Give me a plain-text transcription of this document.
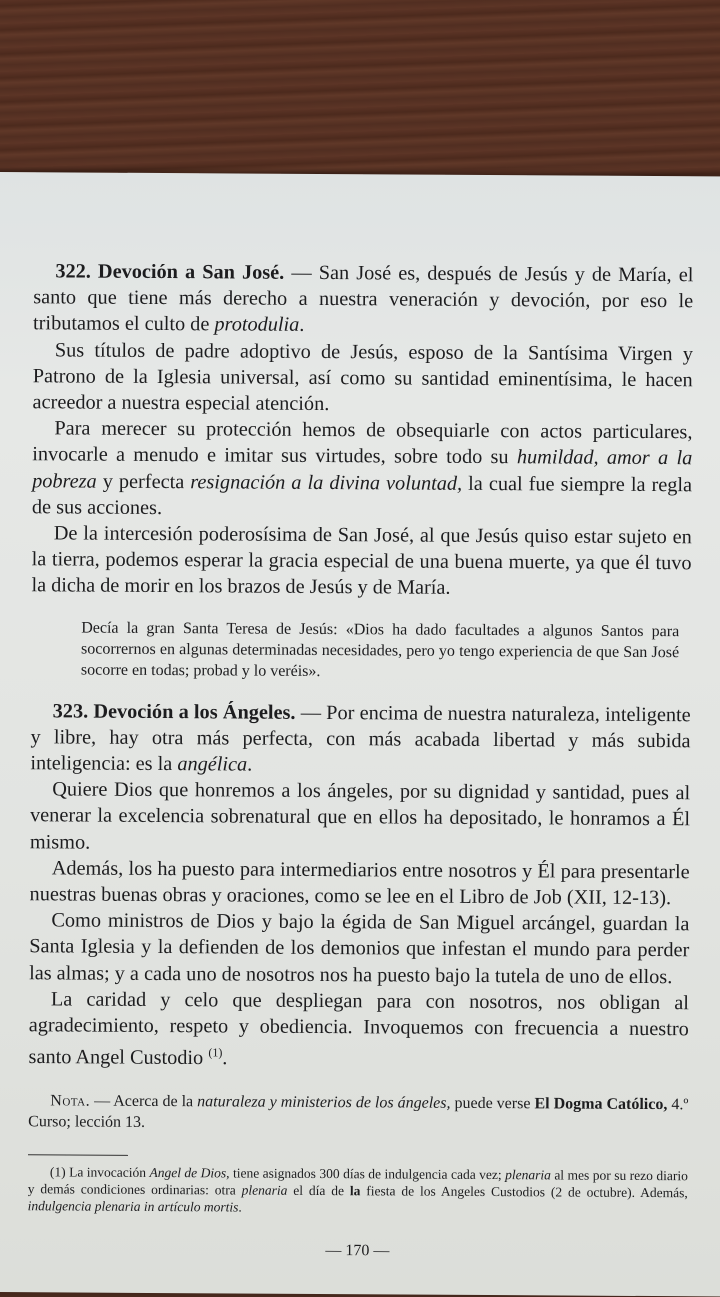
322. Devoción a San José. — San José es, después de Jesús y de María, el santo que tiene más derecho a nuestra veneración y devoción, por eso le tributamos el culto de protodulia.

Sus títulos de padre adoptivo de Jesús, esposo de la Santísima Virgen y Patrono de la Iglesia universal, así como su santidad eminentísima, le hacen acreedor a nuestra especial atención.

Para merecer su protección hemos de obsequiarle con actos particulares, invocarle a menudo e imitar sus virtudes, sobre todo su humildad, amor a la pobreza y perfecta resignación a la divina voluntad, la cual fue siempre la regla de sus acciones.

De la intercesión poderosísima de San José, al que Jesús quiso estar sujeto en la tierra, podemos esperar la gracia especial de una buena muerte, ya que él tuvo la dicha de morir en los brazos de Jesús y de María.

Decía la gran Santa Teresa de Jesús: «Dios ha dado facultades a algunos Santos para socorrernos en algunas determinadas necesidades, pero yo tengo experiencia de que San José socorre en todas; probad y lo veréis».

323. Devoción a los Ángeles. — Por encima de nuestra naturaleza, inteligente y libre, hay otra más perfecta, con más acabada libertad y más subida inteligencia: es la angélica.

Quiere Dios que honremos a los ángeles, por su dignidad y santidad, pues al venerar la excelencia sobrenatural que en ellos ha depositado, le honramos a Él mismo.

Además, los ha puesto para intermediarios entre nosotros y Él para presentarle nuestras buenas obras y oraciones, como se lee en el Libro de Job (XII, 12-13).

Como ministros de Dios y bajo la égida de San Miguel arcángel, guardan la Santa Iglesia y la defienden de los demonios que infestan el mundo para perder las almas; y a cada uno de nosotros nos ha puesto bajo la tutela de uno de ellos.

La caridad y celo que despliegan para con nosotros, nos obligan al agradecimiento, respeto y obediencia. Invoquemos con frecuencia a nuestro santo Angel Custodio $^{(1)}$.

Nota. — Acerca de la naturaleza y ministerios de los ángeles, puede verse El Dogma Católico, 4.º Curso; lección 13.

(1) La invocación Angel de Dios, tiene asignados 300 días de indulgencia cada vez; plenaria al mes por su rezo diario y demás condiciones ordinarias: otra plenaria el día de la fiesta de los Angeles Custodios (2 de octubre). Además, indulgencia plenaria in artículo mortis.

— 170 —
